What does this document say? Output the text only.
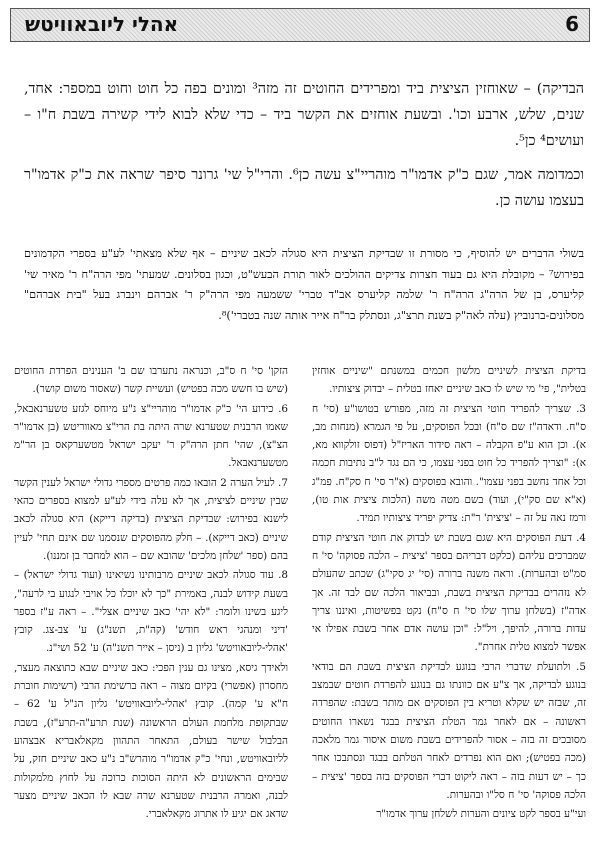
אהלי ליובאוויטש	6

הבדיקה) – שאוחזין הציצית ביד ומפרידים החוטים זה מזה³ ומונים בפה כל חוט וחוט במספר: אחד, שנים, שלש, ארבע וכו'. ובשעת אוחזים את הקשר ביד – כדי שלא לבוא לידי קשירה בשבת ח"ו – ועושים⁴ כן⁵.

וכמדומה אמר, שגם כ"ק אדמו"ר מוהריי"צ עשה כן⁶. והרי"ל שי' גרונר סיפר שראה את כ"ק אדמו"ר בעצמו עושה כן.

בשולי הדברים יש להוסיף, כי מסורת זו שבדיקת הציצית היא סגולה לכאב שיניים – אף שלא מצאתי' לע"ע בספרי הקדמונים בפירוש⁷ – מקובלת היא גם בעוד חצרות צדיקים ההולכים לאור תורת הבעש"ט, וכגון בסלונים. שמעתי' מפי הרה"ח ר' מאיר שי' קליערס, בן של הרה"ג הרה"ח ר' שלמה קליערס אב"ד טברי' ששמעה מפי הרה"ק ר' אברהם וינברג בעל "בית אברהם" מסלונים-ברנוביץ (עלה לאה"ק בשנת תרצ"ג, ונסתלק בר"ח אייר אותה שנה בטברי')⁸.

בדיקת הציצית לשיניים מלשון חכמים במשנתם "שיניים אוחזין בטלית", פי' מי שיש לו כאב שיניים יאחז בטלית – יבדוק ציצותיו.

3. שצריך להפריד חוטי הציצית זה מזה, מפורש בטושו"ע (סי' ח ס"ח. ודאדה"ז שם ס"ח) ובכל הפוסקים, על פי הגמרא (מנחות מב, א). וכן הוא ע"פ הקבלה – ראה סידור האריז"ל (דפוס זולקווא מא, א): "וצריך להפריד כל חוט בפני עצמו, כי הם נגד ל"ב נתיבות חכמה וכל אחד נחשב בפני עצמו". והובא בפוסקים (א"ר סי' ח סק"ח. פמ"ג (א"א שם סק"י), ועוד) בשם מטה משה (הלכות ציצית אות טו), ורמז נאה על זה – 'ציצית' ר"ת: צדיק יפריד ציצותיו תמיד.

4. דעת הפוסקים היא שגם בשבת יש לבדוק את חוטי הציצית קודם שמברכים עליהם (כלקט דבריהם בספר 'ציצית – הלכה פסוקה' סי' ח סמ"ט ובהערות). וראה משנה ברורה (סי' יג סקי"ג) שכתב שהעולם לא נזהרים בבדיקת הציצית בשבת, ובביאור הלכה שם לבד זה. אך אדה"ז (בשלחן ערוך שלו סי' ח ס"ח) נקט בפשיטות, ואיננו צריך עדות ברורה, להיפך, ויל"ל: "וכן עושה אדם אחר בשבת אפילו אי אפשר למצוא טלית אחרת".

5. ולתועלת שדברי הרבי בנוגע לבדיקת הציצית בשבת הם בודאי בנוגע לבדיקה, אך צ"ע אם כוונתו גם בנוגע להפרדת חוטים שבמצב זה, שבזה יש שקלא וטריא בין הפוסקים אם מותר בשבת: שהפרדה ראשונה – אם לאחר גמר הטלת הציצית בבגד נשארו החוטים מסובכים זה בזה – אסור להפרידים בשבת משום איסור גמר מלאכה (מכה בפטיש); ואם הוא נפרדים לאחר הטלתם בבגד ונסתבכו אחר כך – יש דעות בזה – ראה ליקוט דברי הפוסקים בזה בספר 'ציצית – הלכה פסוקה' סי' ח סל"ו ובהערות.

ועי"ע בספר לקט ציונים והערות לשלחן ערוך אדמו"ר

הזקן' סי' ח ס"ב, וכנראה נתערבו שם ב' הענינים הפרדת החוטים (שיש בו חשש מכה בפטיש) ועשיית קשר (שאסור משום קושר).

6. כידוע הי' כ"ק אדמו"ר מוהריי"צ נ"ע מיוחס לגזע טשערנאבאל, שאמו הרבנית שטערנא שרה היתה בת הרי"צ מאווריטש (בן אדמו"ר הצ"צ), שהי' חתן הרה"ק ר' יעקב ישראל מטשערקאס בן הר"מ מטשערנאבאל.

7. לעיל הערה 2 הובאו כמה פרטים מספרי גדולי ישראל לענין הקשר שבין שיניים לציצית, אך לא עלה בידי לע"ע למצוא בספרים כהאי לישנא בפירוש: שבדיקת הציצית (בדיקה דייקא) היא סגולה לכאב שיניים (כאב דייקא). – חלק מהפוסקים שנסמנו שם אינם תחי' לעיין בהם (ספר 'שלחן מלכים' שהובא שם – הוא למחבר בן זמננו).

8. עוד סגולה לכאב שיניים מרבותינו נשיאינו (ועוד גדולי ישראל) – בשעת קידוש לבנה, באמירת "כך לא יוכלו כל אויבי לנגוע בי לרעה", ליגע בשינו ולומר: "לא יהי' כאב שיניים אצלי". – ראה ע"ז בספר 'דיני ומנהגי ראש חודש' (קה"ת, תשנ"ג) ע' צב-צג. קובץ 'אהלי-ליובאוויטש' גליון ב (ניסן – אייר תשנ"ה) ע' 52 ושי"נ.

ולאידך גיסא, מצינו גם ענין הפכי: כאב שיניים שבא כתוצאה מעצר, מחסרון (אפשרי) בקיום מצוה – ראה ברשימת הרבי (רשימות חוברת ח"א ע' קמה). קובץ 'אהלי-ליובאוויטש' גליון הנ"ל ע' 62 – שבתקופת מלחמת העולם הראשונה (שנת תרע"ה-תרע"ז), בשבת הבלבול שישר בעולם, התאחר התהוון מקאלאבריא אבצהוע לליובאוויטש, ונחי' כ"ק אדמו"ר מוהרש"ב נ"ע כאב שיניים חזק, על שבימים הראשונים לא היתה הסוכות כרוכה על לחוץ מלמקולות לבנה, ואמרה הרבנית שטערנא שרה שבא לו הכאב שיניים מצער שדאג אם יגיע לו אתרוג מקאלאברי.
